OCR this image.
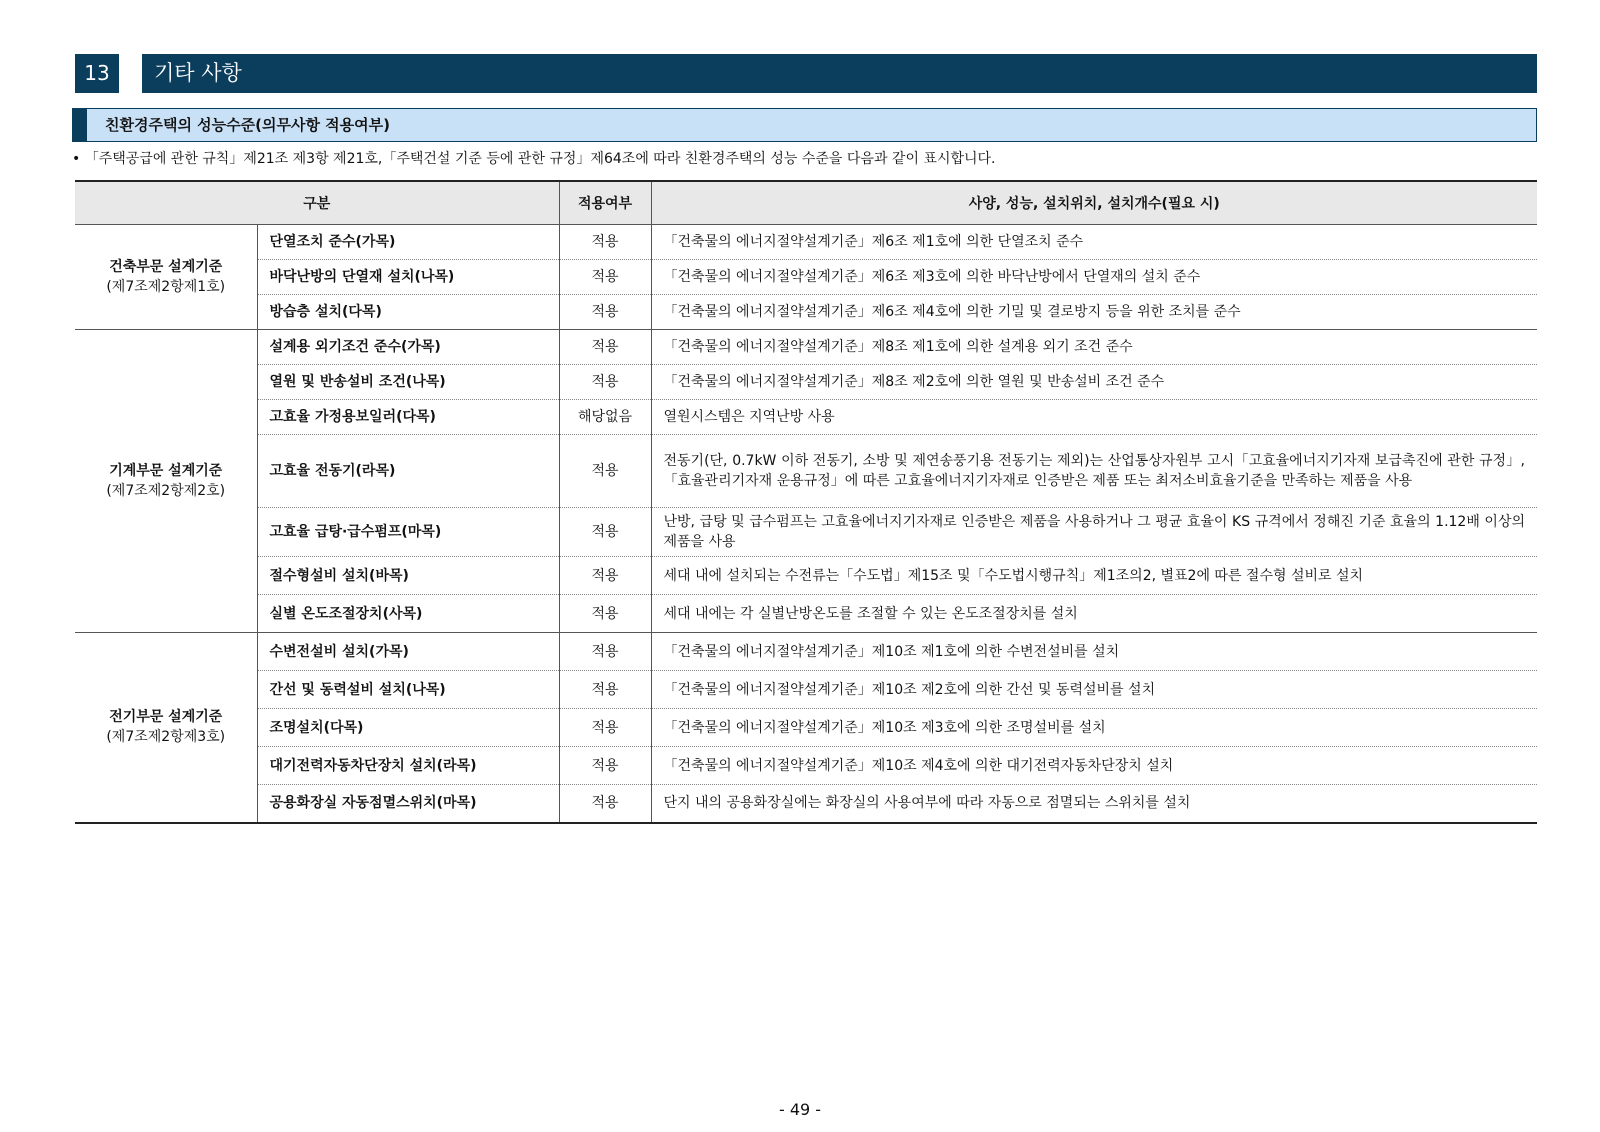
13	기타 사항
친환경주택의 성능수준(의무사항 적용여부)
• 「주택공급에 관한 규칙」제21조 제3항 제21호,「주택건설 기준 등에 관한 규정」제64조에 따라 친환경주택의 성능 수준을 다음과 같이 표시합니다.
구분		적용여부	사양, 성능, 설치위치, 설치개수(필요 시)

건축부문 설계기준
(제7조제2항제1호)	단열조치 준수(가목)	적용	「건축물의 에너지절약설계기준」제6조 제1호에 의한 단열조치 준수
	바닥난방의 단열재 설치(나목)	적용	「건축물의 에너지절약설계기준」제6조 제3호에 의한 바닥난방에서 단열재의 설치 준수
	방습층 설치(다목)	적용	「건축물의 에너지절약설계기준」제6조 제4호에 의한 기밀 및 결로방지 등을 위한 조치를 준수

기계부문 설계기준
(제7조제2항제2호)	설계용 외기조건 준수(가목)	적용	「건축물의 에너지절약설계기준」제8조 제1호에 의한 설계용 외기 조건 준수
	열원 및 반송설비 조건(나목)	적용	「건축물의 에너지절약설계기준」제8조 제2호에 의한 열원 및 반송설비 조건 준수
	고효율 가정용보일러(다목)	해당없음	열원시스템은 지역난방 사용
	고효율 전동기(라목)	적용	전동기(단, 0.7kW 이하 전동기, 소방 및 제연송풍기용 전동기는 제외)는 산업통상자원부 고시「고효율에너지기자재 보급촉진에 관한 규정」,「효율관리기자재 운용규정」에 따른 고효율에너지기자재로 인증받은 제품 또는 최저소비효율기준을 만족하는 제품을 사용
	고효율 급탕·급수펌프(마목)	적용	난방, 급탕 및 급수펌프는 고효율에너지기자재로 인증받은 제품을 사용하거나 그 평균 효율이 KS 규격에서 정해진 기준 효율의 1.12배 이상의 제품을 사용
	절수형설비 설치(바목)	적용	세대 내에 설치되는 수전류는「수도법」제15조 및「수도법시행규칙」제1조의2, 별표2에 따른 절수형 설비로 설치
	실별 온도조절장치(사목)	적용	세대 내에는 각 실별난방온도를 조절할 수 있는 온도조절장치를 설치

전기부문 설계기준
(제7조제2항제3호)	수변전설비 설치(가목)	적용	「건축물의 에너지절약설계기준」제10조 제1호에 의한 수변전설비를 설치
	간선 및 동력설비 설치(나목)	적용	「건축물의 에너지절약설계기준」제10조 제2호에 의한 간선 및 동력설비를 설치
	조명설치(다목)	적용	「건축물의 에너지절약설계기준」제10조 제3호에 의한 조명설비를 설치
	대기전력자동차단장치 설치(라목)	적용	「건축물의 에너지절약설계기준」제10조 제4호에 의한 대기전력자동차단장치 설치
	공용화장실 자동점멸스위치(마목)	적용	단지 내의 공용화장실에는 화장실의 사용여부에 따라 자동으로 점멸되는 스위치를 설치
- 49 -
